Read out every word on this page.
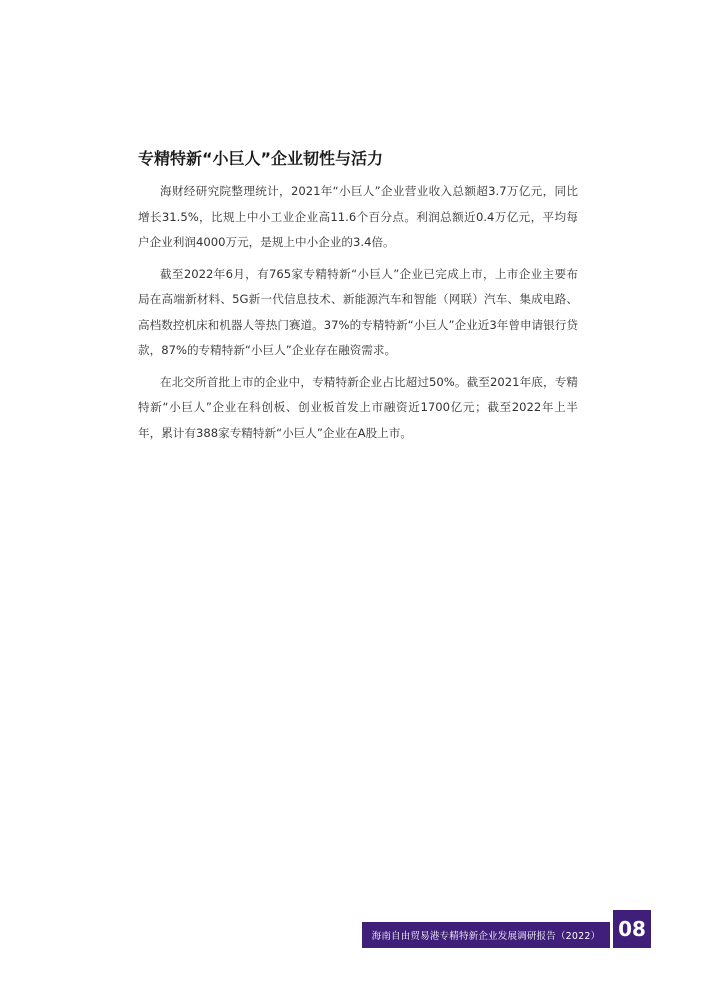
专精特新“小巨人”企业韧性与活力

海财经研究院整理统计，2021年“小巨人”企业营业收入总额超3.7万亿元，同比增长31.5%，比规上中小工业企业高11.6个百分点。利润总额近0.4万亿元，平均每户企业利润4000万元，是规上中小企业的3.4倍。

截至2022年6月，有765家专精特新“小巨人”企业已完成上市，上市企业主要布局在高端新材料、5G新一代信息技术、新能源汽车和智能（网联）汽车、集成电路、高档数控机床和机器人等热门赛道。37%的专精特新“小巨人”企业近3年曾申请银行贷款，87%的专精特新“小巨人”企业存在融资需求。

在北交所首批上市的企业中，专精特新企业占比超过50%。截至2021年底，专精特新“小巨人”企业在科创板、创业板首发上市融资近1700亿元；截至2022年上半年，累计有388家专精特新“小巨人”企业在A股上市。

海南自由贸易港专精特新企业发展调研报告（2022） 08
